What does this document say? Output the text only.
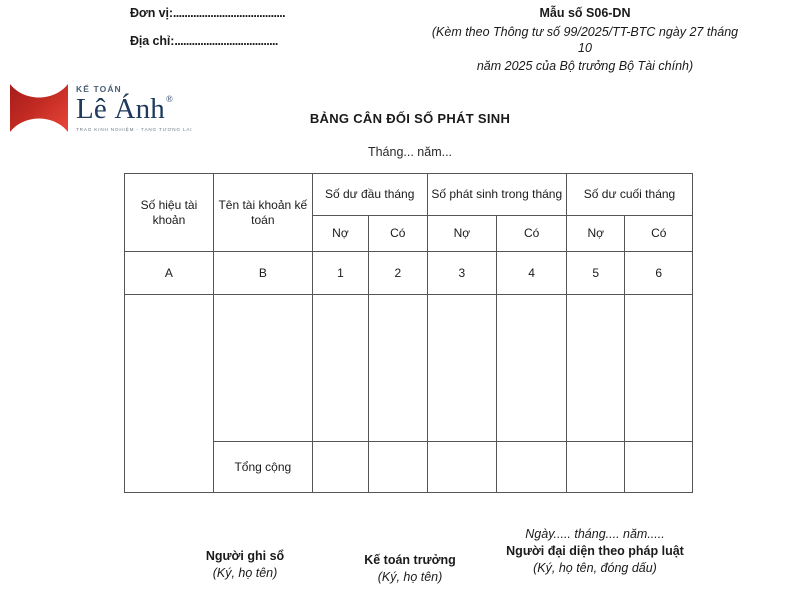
Đơn vị:.......................................
Địa chỉ:....................................
Mẫu số S06-DN
(Kèm theo Thông tư số 99/2025/TT-BTC ngày 27 tháng 10
năm 2025 của Bộ trưởng Bộ Tài chính)
KẾ TOÁN
Lê Ánh®
TRAO KINH NGHIỆM - TẠNG TƯƠNG LAI
BẢNG CÂN ĐỐI SỐ PHÁT SINH
Tháng... năm...
Số hiệu tài khoản	Tên tài khoản kế toán	Số dư đầu tháng		Số phát sinh trong tháng		Số dư cuối tháng	
		Nợ	Có	Nợ	Có	Nợ	Có
A	B	1	2	3	4	5	6

	Tổng cộng						
Người ghi sổ
(Ký, họ tên)
Kế toán trưởng
(Ký, họ tên)
Ngày..... tháng.... năm.....
Người đại diện theo pháp luật
(Ký, họ tên, đóng dấu)
